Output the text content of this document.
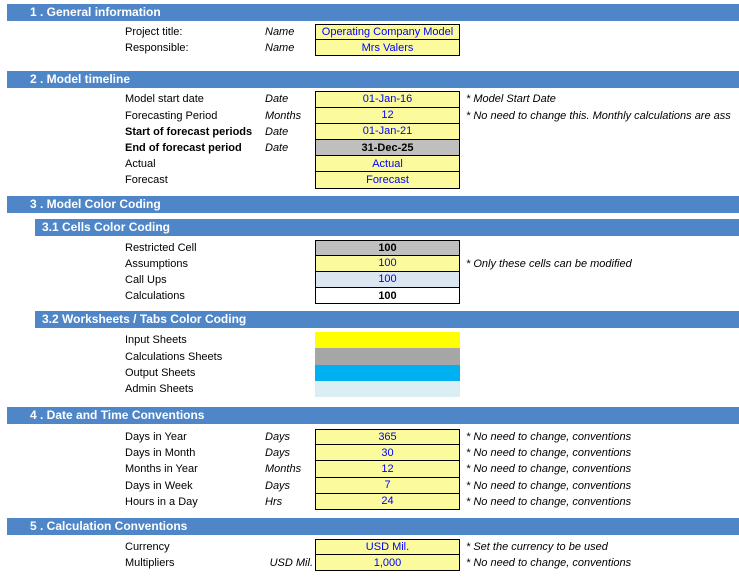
1 . General information
Project title:	Name	Operating Company Model
Responsible:	Name	Mrs Valers
2 . Model timeline
Model start date	Date	01-Jan-16	* Model Start Date
Forecasting Period	Months	12	* No need to change this. Monthly calculations are ass
Start of forecast periods	Date	01-Jan-21
End of forecast period	Date	31-Dec-25
Actual	Actual
Forecast	Forecast
3 . Model Color Coding
3.1 Cells Color Coding
Restricted Cell	100
Assumptions	100	* Only these cells can be modified
Call Ups	100
Calculations	100
3.2 Worksheets / Tabs Color Coding
Input Sheets
Calculations Sheets
Output Sheets
Admin Sheets
4 . Date and Time Conventions
Days in Year	Days	365	* No need to change, conventions
Days in Month	Days	30	* No need to change, conventions
Months in Year	Months	12	* No need to change, conventions
Days in Week	Days	7	* No need to change, conventions
Hours in a Day	Hrs	24	* No need to change, conventions
5 . Calculation Conventions
Currency	USD Mil.	* Set the currency to be used
Multipliers	USD Mil.	1,000	* No need to change, conventions
